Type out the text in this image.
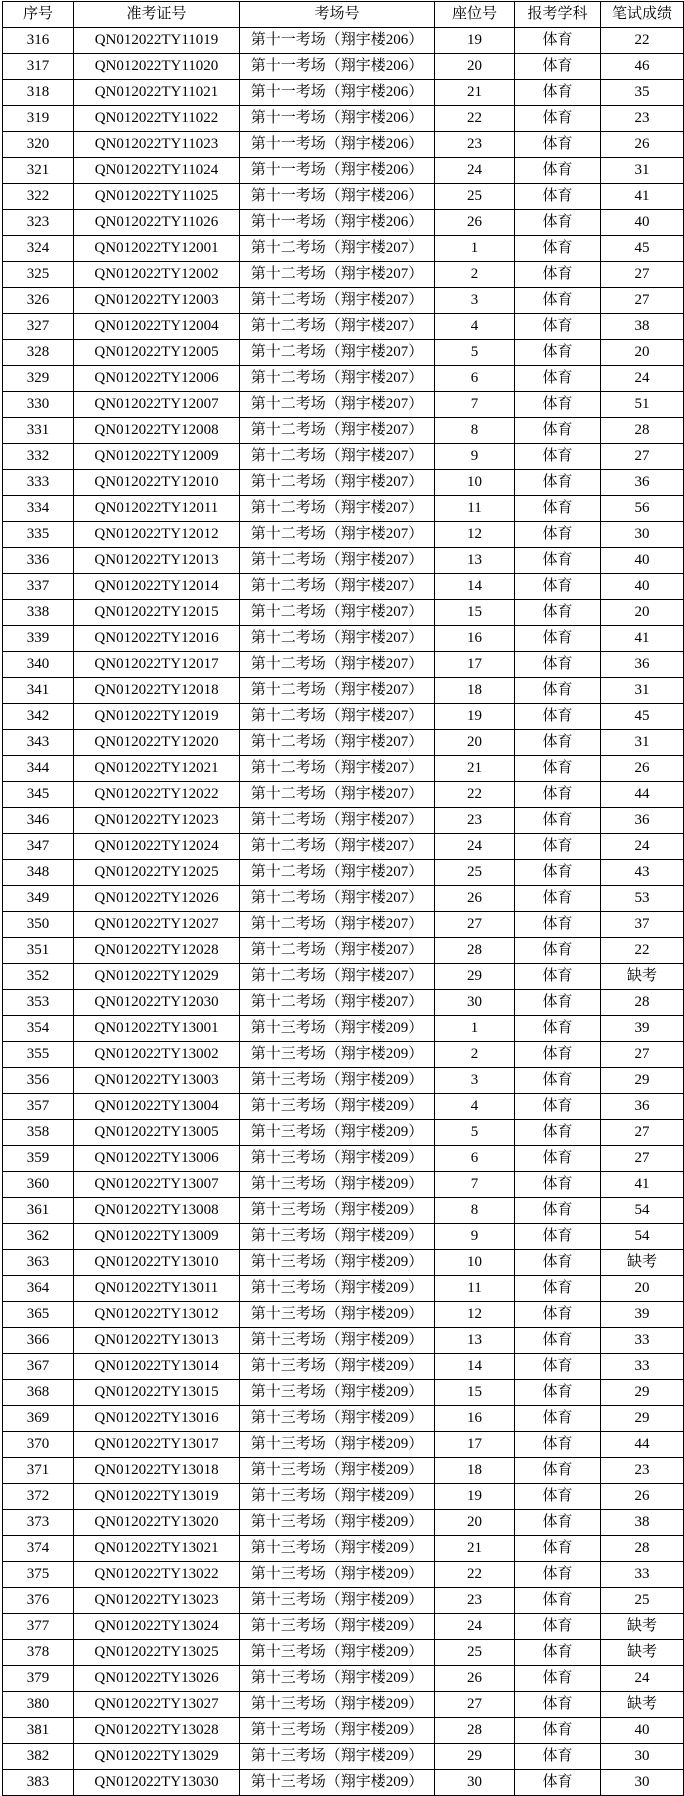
序号	准考证号	考场号	座位号	报考学科	笔试成绩
316	QN012022TY11019	第十一考场（翔宇楼206）	19	体育	22
317	QN012022TY11020	第十一考场（翔宇楼206）	20	体育	46
318	QN012022TY11021	第十一考场（翔宇楼206）	21	体育	35
319	QN012022TY11022	第十一考场（翔宇楼206）	22	体育	23
320	QN012022TY11023	第十一考场（翔宇楼206）	23	体育	26
321	QN012022TY11024	第十一考场（翔宇楼206）	24	体育	31
322	QN012022TY11025	第十一考场（翔宇楼206）	25	体育	41
323	QN012022TY11026	第十一考场（翔宇楼206）	26	体育	40
324	QN012022TY12001	第十二考场（翔宇楼207）	1	体育	45
325	QN012022TY12002	第十二考场（翔宇楼207）	2	体育	27
326	QN012022TY12003	第十二考场（翔宇楼207）	3	体育	27
327	QN012022TY12004	第十二考场（翔宇楼207）	4	体育	38
328	QN012022TY12005	第十二考场（翔宇楼207）	5	体育	20
329	QN012022TY12006	第十二考场（翔宇楼207）	6	体育	24
330	QN012022TY12007	第十二考场（翔宇楼207）	7	体育	51
331	QN012022TY12008	第十二考场（翔宇楼207）	8	体育	28
332	QN012022TY12009	第十二考场（翔宇楼207）	9	体育	27
333	QN012022TY12010	第十二考场（翔宇楼207）	10	体育	36
334	QN012022TY12011	第十二考场（翔宇楼207）	11	体育	56
335	QN012022TY12012	第十二考场（翔宇楼207）	12	体育	30
336	QN012022TY12013	第十二考场（翔宇楼207）	13	体育	40
337	QN012022TY12014	第十二考场（翔宇楼207）	14	体育	40
338	QN012022TY12015	第十二考场（翔宇楼207）	15	体育	20
339	QN012022TY12016	第十二考场（翔宇楼207）	16	体育	41
340	QN012022TY12017	第十二考场（翔宇楼207）	17	体育	36
341	QN012022TY12018	第十二考场（翔宇楼207）	18	体育	31
342	QN012022TY12019	第十二考场（翔宇楼207）	19	体育	45
343	QN012022TY12020	第十二考场（翔宇楼207）	20	体育	31
344	QN012022TY12021	第十二考场（翔宇楼207）	21	体育	26
345	QN012022TY12022	第十二考场（翔宇楼207）	22	体育	44
346	QN012022TY12023	第十二考场（翔宇楼207）	23	体育	36
347	QN012022TY12024	第十二考场（翔宇楼207）	24	体育	24
348	QN012022TY12025	第十二考场（翔宇楼207）	25	体育	43
349	QN012022TY12026	第十二考场（翔宇楼207）	26	体育	53
350	QN012022TY12027	第十二考场（翔宇楼207）	27	体育	37
351	QN012022TY12028	第十二考场（翔宇楼207）	28	体育	22
352	QN012022TY12029	第十二考场（翔宇楼207）	29	体育	缺考
353	QN012022TY12030	第十二考场（翔宇楼207）	30	体育	28
354	QN012022TY13001	第十三考场（翔宇楼209）	1	体育	39
355	QN012022TY13002	第十三考场（翔宇楼209）	2	体育	27
356	QN012022TY13003	第十三考场（翔宇楼209）	3	体育	29
357	QN012022TY13004	第十三考场（翔宇楼209）	4	体育	36
358	QN012022TY13005	第十三考场（翔宇楼209）	5	体育	27
359	QN012022TY13006	第十三考场（翔宇楼209）	6	体育	27
360	QN012022TY13007	第十三考场（翔宇楼209）	7	体育	41
361	QN012022TY13008	第十三考场（翔宇楼209）	8	体育	54
362	QN012022TY13009	第十三考场（翔宇楼209）	9	体育	54
363	QN012022TY13010	第十三考场（翔宇楼209）	10	体育	缺考
364	QN012022TY13011	第十三考场（翔宇楼209）	11	体育	20
365	QN012022TY13012	第十三考场（翔宇楼209）	12	体育	39
366	QN012022TY13013	第十三考场（翔宇楼209）	13	体育	33
367	QN012022TY13014	第十三考场（翔宇楼209）	14	体育	33
368	QN012022TY13015	第十三考场（翔宇楼209）	15	体育	29
369	QN012022TY13016	第十三考场（翔宇楼209）	16	体育	29
370	QN012022TY13017	第十三考场（翔宇楼209）	17	体育	44
371	QN012022TY13018	第十三考场（翔宇楼209）	18	体育	23
372	QN012022TY13019	第十三考场（翔宇楼209）	19	体育	26
373	QN012022TY13020	第十三考场（翔宇楼209）	20	体育	38
374	QN012022TY13021	第十三考场（翔宇楼209）	21	体育	28
375	QN012022TY13022	第十三考场（翔宇楼209）	22	体育	33
376	QN012022TY13023	第十三考场（翔宇楼209）	23	体育	25
377	QN012022TY13024	第十三考场（翔宇楼209）	24	体育	缺考
378	QN012022TY13025	第十三考场（翔宇楼209）	25	体育	缺考
379	QN012022TY13026	第十三考场（翔宇楼209）	26	体育	24
380	QN012022TY13027	第十三考场（翔宇楼209）	27	体育	缺考
381	QN012022TY13028	第十三考场（翔宇楼209）	28	体育	40
382	QN012022TY13029	第十三考场（翔宇楼209）	29	体育	30
383	QN012022TY13030	第十三考场（翔宇楼209）	30	体育	30
